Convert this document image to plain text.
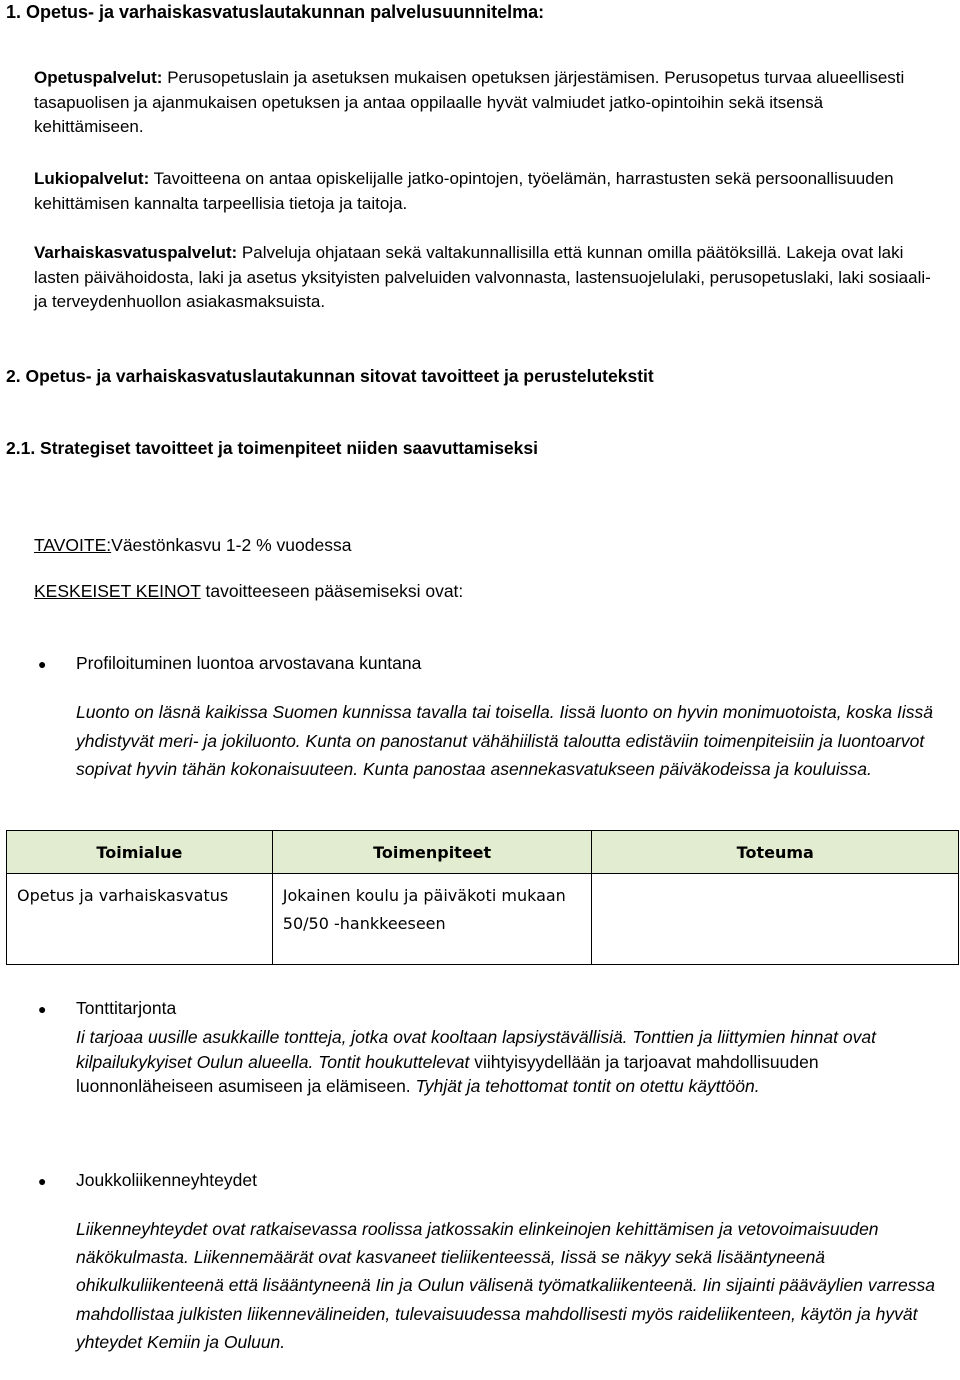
1. Opetus- ja varhaiskasvatuslautakunnan palvelusuunnitelma:

Opetuspalvelut: Perusopetuslain ja asetuksen mukaisen opetuksen järjestämisen. Perusopetus turvaa alueellisesti tasapuolisen ja ajanmukaisen opetuksen ja antaa oppilaalle hyvät valmiudet jatko-opintoihin sekä itsensä kehittämiseen.

Lukiopalvelut: Tavoitteena on antaa opiskelijalle jatko-opintojen, työelämän, harrastusten sekä persoonallisuuden kehittämisen kannalta tarpeellisia tietoja ja taitoja.

Varhaiskasvatuspalvelut: Palveluja ohjataan sekä valtakunnallisilla että kunnan omilla päätöksillä. Lakeja ovat laki lasten päivähoidosta, laki ja asetus yksityisten palveluiden valvonnasta, lastensuojelulaki, perusopetuslaki, laki sosiaali- ja terveydenhuollon asiakasmaksuista.

2. Opetus- ja varhaiskasvatuslautakunnan sitovat tavoitteet ja perustelutekstit
2.1. Strategiset tavoitteet ja toimenpiteet niiden saavuttamiseksi

TAVOITE:Väestönkasvu 1-2 % vuodessa

KESKEISET KEINOT tavoitteeseen pääsemiseksi ovat:

● Profiloituminen luontoa arvostavana kuntana

Luonto on läsnä kaikissa Suomen kunnissa tavalla tai toisella. Iissä luonto on hyvin monimuotoista, koska Iissä yhdistyvät meri- ja jokiluonto. Kunta on panostanut vähähiilistä taloutta edistäviin toimenpiteisiin ja luontoarvot sopivat hyvin tähän kokonaisuuteen. Kunta panostaa asennekasvatukseen päiväkodeissa ja kouluissa.

Toimialue	Toimenpiteet	Toteuma
Opetus ja varhaiskasvatus	Jokainen koulu ja päiväkoti mukaan 50/50 -hankkeeseen	
● Tonttitarjonta

Ii tarjoaa uusille asukkaille tontteja, jotka ovat kooltaan lapsiystävällisiä. Tonttien ja liittymien hinnat ovat kilpailukykyiset Oulun alueella. Tontit houkuttelevat viihtyisyydellään ja tarjoavat mahdollisuuden luonnonläheiseen asumiseen ja elämiseen. Tyhjät ja tehottomat tontit on otettu käyttöön.

● Joukkoliikenneyhteydet

Liikenneyhteydet ovat ratkaisevassa roolissa jatkossakin elinkeinojen kehittämisen ja vetovoimaisuuden näkökulmasta. Liikennemäärät ovat kasvaneet tieliikenteessä, Iissä se näkyy sekä lisääntyneenä ohikulkuliikenteenä että lisääntyneenä Iin ja Oulun välisenä työmatkaliikenteenä. Iin sijainti pääväylien varressa mahdollistaa julkisten liikennevälineiden, tulevaisuudessa mahdollisesti myös raideliikenteen, käytön ja hyvät yhteydet Kemiin ja Ouluun.
